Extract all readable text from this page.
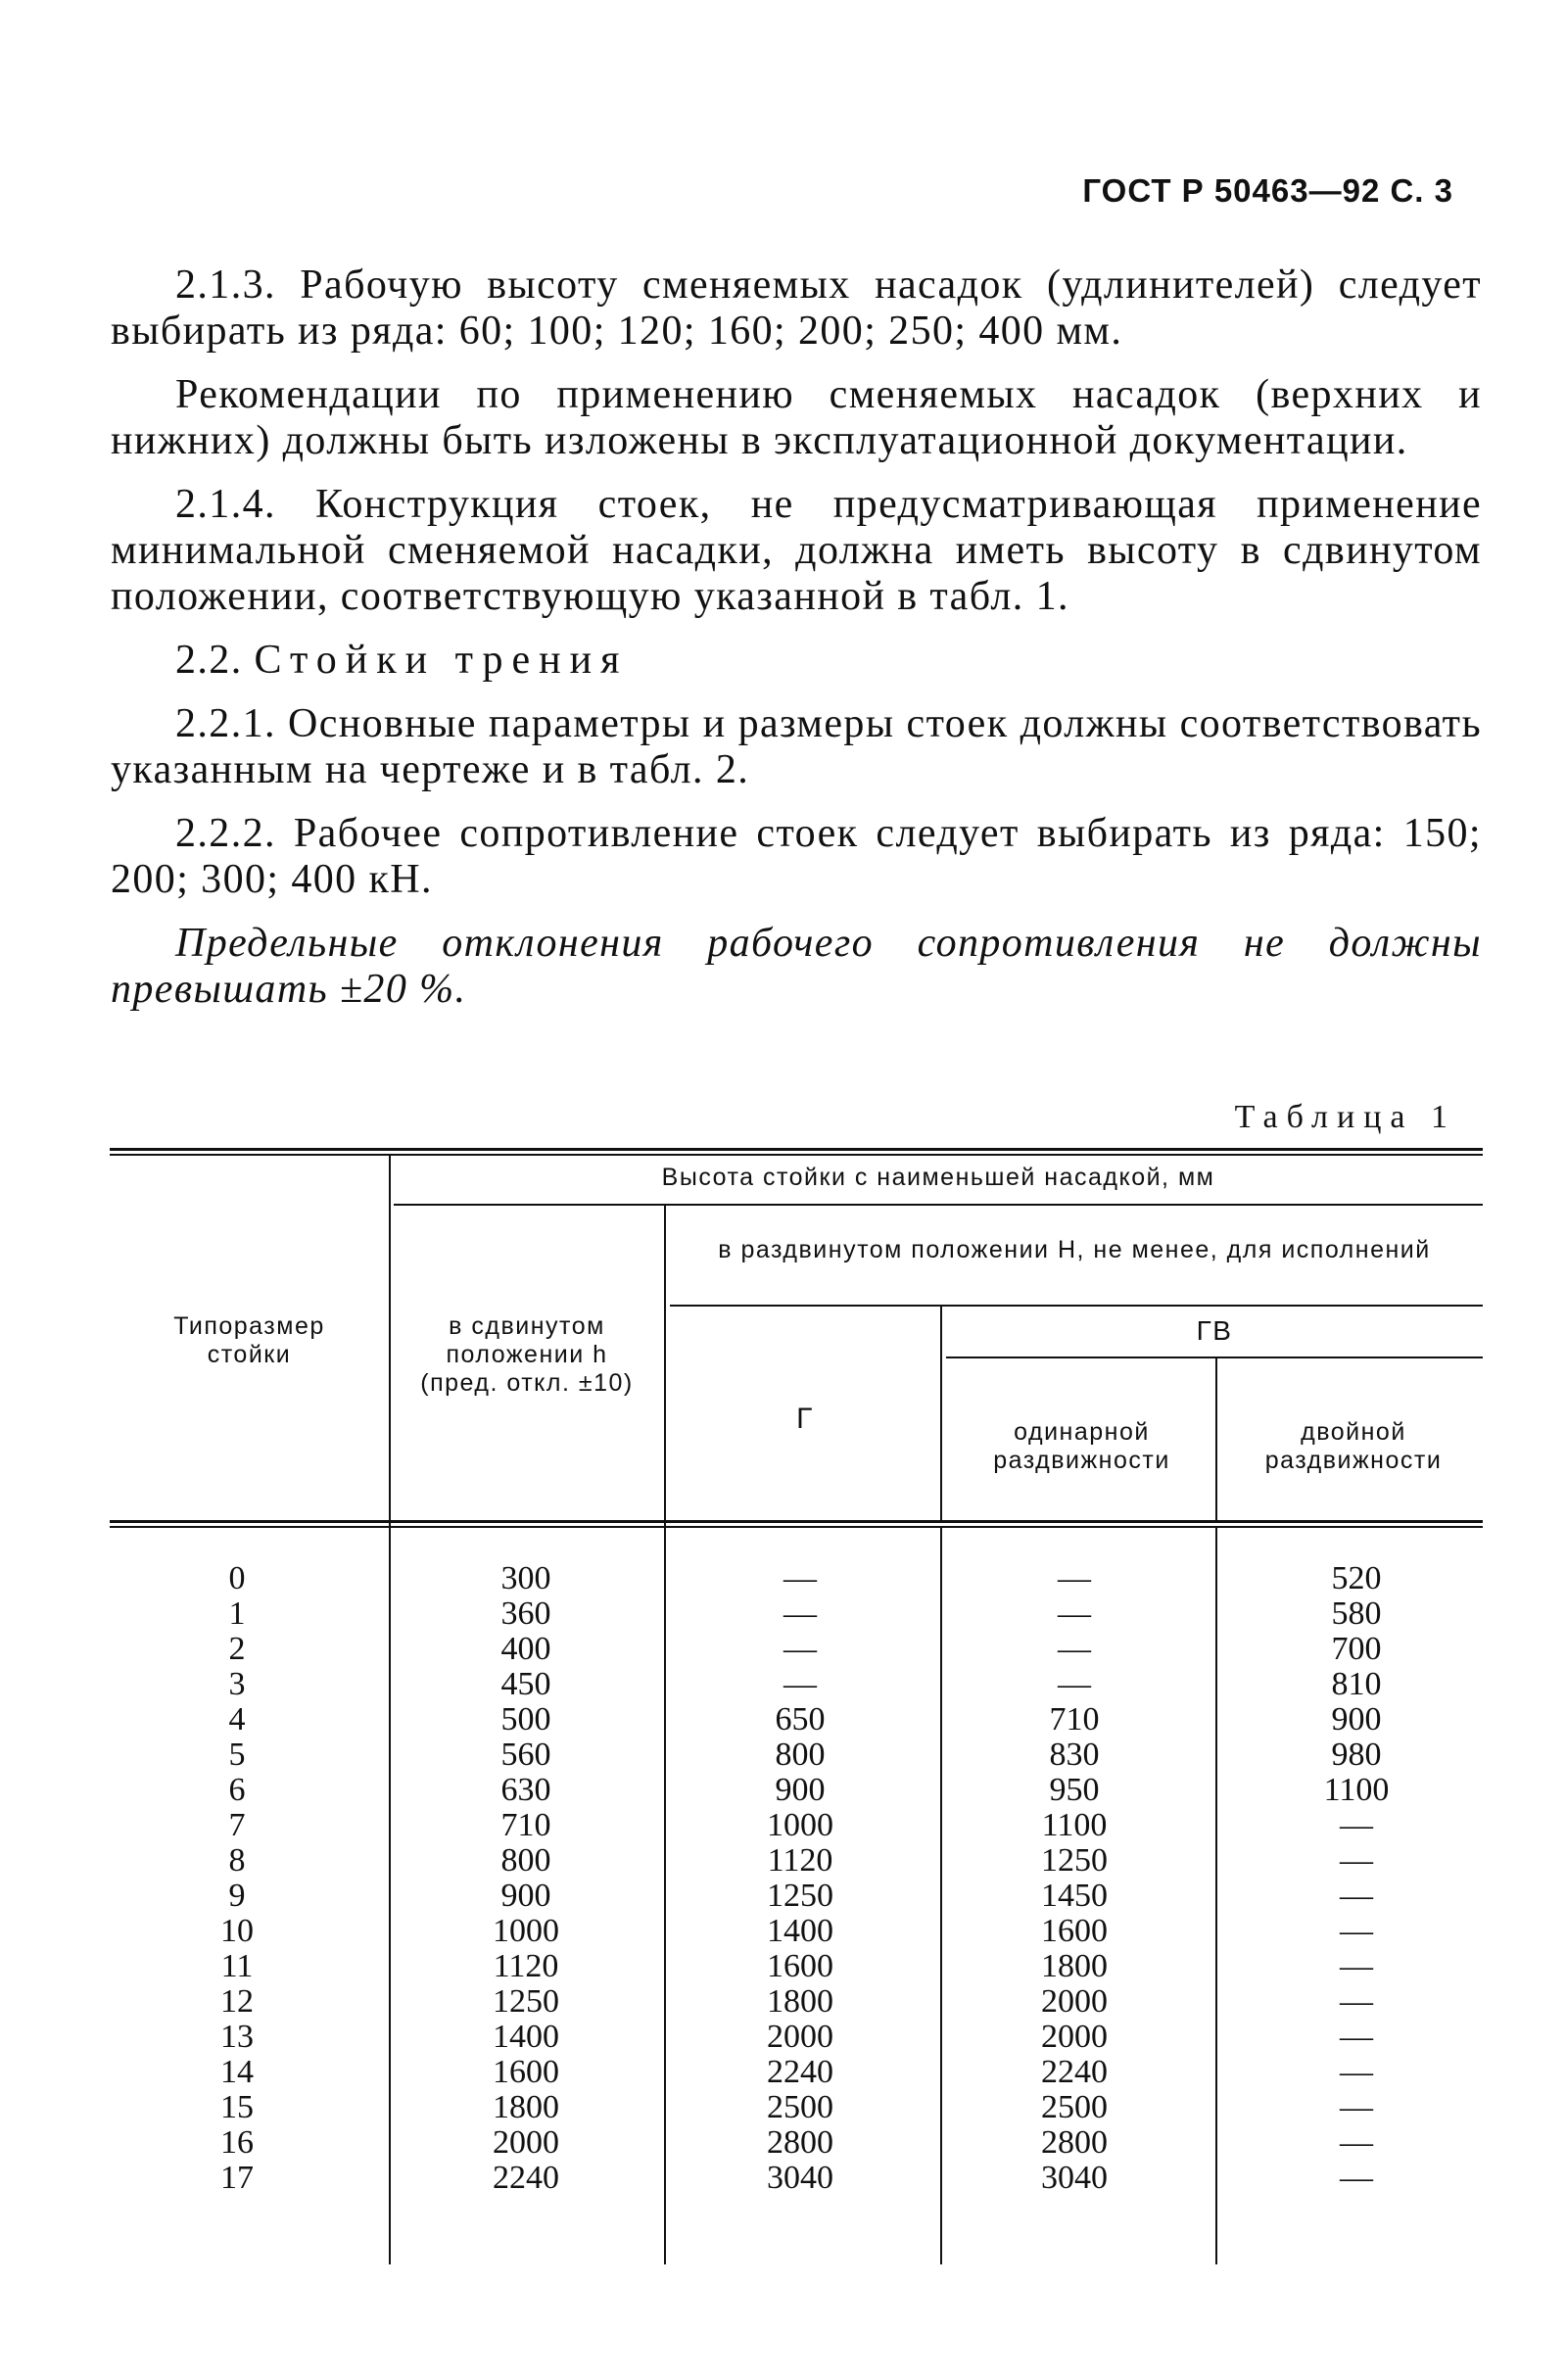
ГОСТ Р 50463—92 С. 3

2.1.3. Рабочую высоту сменяемых насадок (удлинителей) следует выбирать из ряда: 60; 100; 120; 160; 200; 250; 400 мм.

Рекомендации по применению сменяемых насадок (верхних и нижних) должны быть изложены в эксплуатационной документации.

2.1.4. Конструкция стоек, не предусматривающая применение минимальной сменяемой насадки, должна иметь высоту в сдвинутом положении, соответствующую указанной в табл. 1.

2.2. Стойки трения

2.2.1. Основные параметры и размеры стоек должны соответствовать указанным на чертеже и в табл. 2.

2.2.2. Рабочее сопротивление стоек следует выбирать из ряда: 150; 200; 300; 400 кН.

Предельные отклонения рабочего сопротивления не должны превышать ±20 %.

Таблица 1
Типоразмер стойки
Высота стойки с наименьшей насадкой, мм
в сдвинутом положении h (пред. откл. ±10)
в раздвинутом положении H, не менее, для исполнений
Г
ГВ
одинарной раздвижности
двойной раздвижности
0
1
2
3
4
5
6
7
8
9
10
11
12
13
14
15
16
17
300
360
400
450
500
560
630
710
800
900
1000
1120
1250
1400
1600
1800
2000
2240
—
—
—
—
650
800
900
1000
1120
1250
1400
1600
1800
2000
2240
2500
2800
3040
—
—
—
—
710
830
950
1100
1250
1450
1600
1800
2000
2000
2240
2500
2800
3040
520
580
700
810
900
980
1100
—
—
—
—
—
—
—
—
—
—
—
